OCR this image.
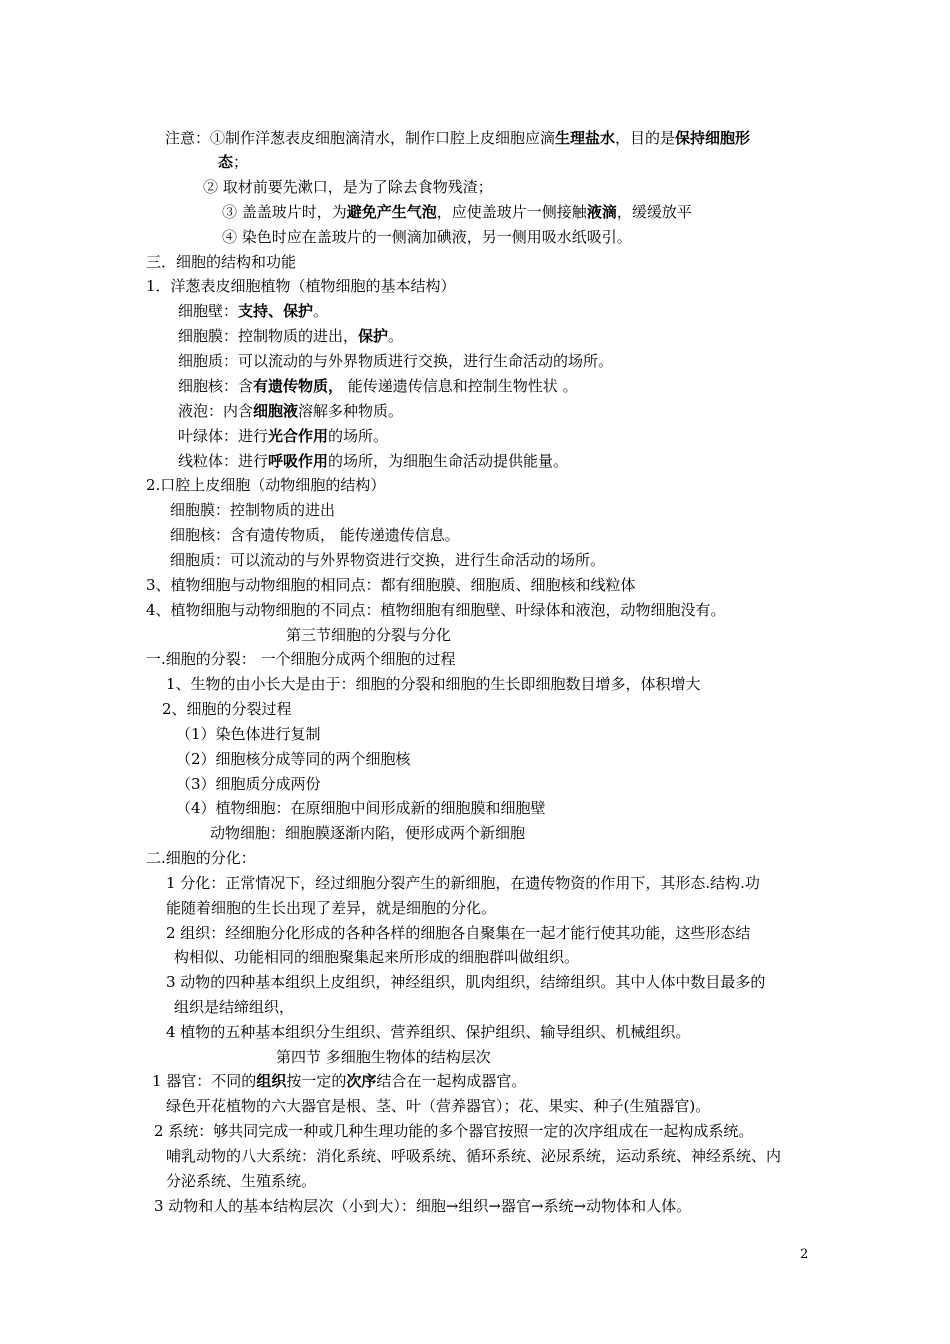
注意：①制作洋葱表皮细胞滴清水，制作口腔上皮细胞应滴生理盐水，目的是保持细胞形
态；
② 取材前要先漱口，是为了除去食物残渣；
③ 盖盖玻片时，为避免产生气泡，应使盖玻片一侧接触液滴，缓缓放平
④ 染色时应在盖玻片的一侧滴加碘液，另一侧用吸水纸吸引。
三．细胞的结构和功能
1．洋葱表皮细胞植物（植物细胞的基本结构）
细胞壁：支持、保护。
细胞膜：控制物质的进出，保护。
细胞质：可以流动的与外界物质进行交换，进行生命活动的场所。
细胞核：含有遗传物质， 能传递遗传信息和控制生物性状 。
液泡：内含细胞液溶解多种物质。
叶绿体：进行光合作用的场所。
线粒体：进行呼吸作用的场所，为细胞生命活动提供能量。
2.口腔上皮细胞（动物细胞的结构）
细胞膜：控制物质的进出
细胞核：含有遗传物质， 能传递遗传信息。
细胞质：可以流动的与外界物资进行交换，进行生命活动的场所。
3、植物细胞与动物细胞的相同点：都有细胞膜、细胞质、细胞核和线粒体
4、植物细胞与动物细胞的不同点：植物细胞有细胞壁、叶绿体和液泡，动物细胞没有。
第三节细胞的分裂与分化
一.细胞的分裂： 一个细胞分成两个细胞的过程
1、生物的由小长大是由于：细胞的分裂和细胞的生长即细胞数目增多，体积增大
2、细胞的分裂过程
（1）染色体进行复制
（2）细胞核分成等同的两个细胞核
（3）细胞质分成两份
（4）植物细胞：在原细胞中间形成新的细胞膜和细胞壁
动物细胞：细胞膜逐渐内陷，便形成两个新细胞
二.细胞的分化：
1 分化：正常情况下，经过细胞分裂产生的新细胞，在遗传物资的作用下，其形态.结构.功
能随着细胞的生长出现了差异，就是细胞的分化。
2 组织：经细胞分化形成的各种各样的细胞各自聚集在一起才能行使其功能，这些形态结
构相似、功能相同的细胞聚集起来所形成的细胞群叫做组织。
3 动物的四种基本组织上皮组织，神经组织，肌肉组织，结缔组织。其中人体中数目最多的
组织是结缔组织，
4 植物的五种基本组织分生组织、营养组织、保护组织、输导组织、机械组织。
第四节 多细胞生物体的结构层次
1 器官：不同的组织按一定的次序结合在一起构成器官。
绿色开花植物的六大器官是根、茎、叶（营养器官）；花、果实、种子(生殖器官)。
2 系统：够共同完成一种或几种生理功能的多个器官按照一定的次序组成在一起构成系统。
哺乳动物的八大系统：消化系统、呼吸系统、循环系统、泌尿系统，运动系统、神经系统、内
分泌系统、生殖系统。
3 动物和人的基本结构层次（小到大）：细胞→组织→器官→系统→动物体和人体。
2
